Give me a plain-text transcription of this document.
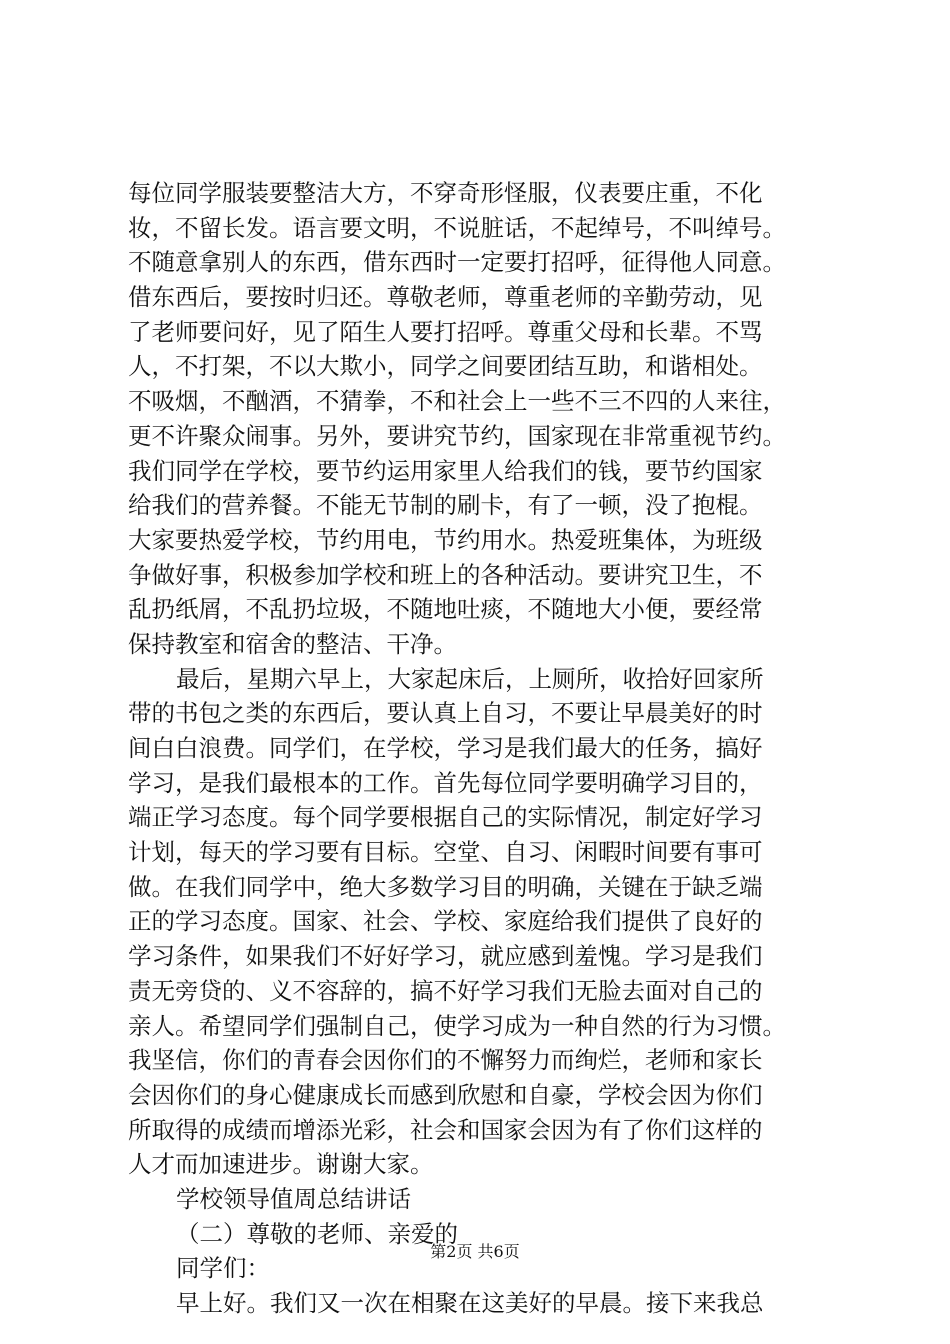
每位同学服装要整洁大方，不穿奇形怪服，仪表要庄重，不化
妆，不留长发。语言要文明，不说脏话，不起绰号，不叫绰号。
不随意拿别人的东西，借东西时一定要打招呼，征得他人同意。
借东西后，要按时归还。尊敬老师，尊重老师的辛勤劳动，见
了老师要问好，见了陌生人要打招呼。尊重父母和长辈。不骂
人，不打架，不以大欺小，同学之间要团结互助，和谐相处。
不吸烟，不酗酒，不猜拳，不和社会上一些不三不四的人来往，
更不许聚众闹事。另外，要讲究节约，国家现在非常重视节约。
我们同学在学校，要节约运用家里人给我们的钱，要节约国家
给我们的营养餐。不能无节制的刷卡，有了一顿，没了抱棍。
大家要热爱学校，节约用电，节约用水。热爱班集体，为班级
争做好事，积极参加学校和班上的各种活动。要讲究卫生，不
乱扔纸屑，不乱扔垃圾，不随地吐痰，不随地大小便，要经常
保持教室和宿舍的整洁、干净。
最后，星期六早上，大家起床后，上厕所，收拾好回家所
带的书包之类的东西后，要认真上自习，不要让早晨美好的时
间白白浪费。同学们，在学校，学习是我们最大的任务，搞好
学习，是我们最根本的工作。首先每位同学要明确学习目的，
端正学习态度。每个同学要根据自己的实际情况，制定好学习
计划，每天的学习要有目标。空堂、自习、闲暇时间要有事可
做。在我们同学中，绝大多数学习目的明确，关键在于缺乏端
正的学习态度。国家、社会、学校、家庭给我们提供了良好的
学习条件，如果我们不好好学习，就应感到羞愧。学习是我们
责无旁贷的、义不容辞的，搞不好学习我们无脸去面对自己的
亲人。希望同学们强制自己，使学习成为一种自然的行为习惯。
我坚信，你们的青春会因你们的不懈努力而绚烂，老师和家长
会因你们的身心健康成长而感到欣慰和自豪，学校会因为你们
所取得的成绩而增添光彩，社会和国家会因为有了你们这样的
人才而加速进步。谢谢大家。
学校领导值周总结讲话
（二）尊敬的老师、亲爱的
同学们：
早上好。我们又一次在相聚在这美好的早晨。接下来我总
第2页 共6页
